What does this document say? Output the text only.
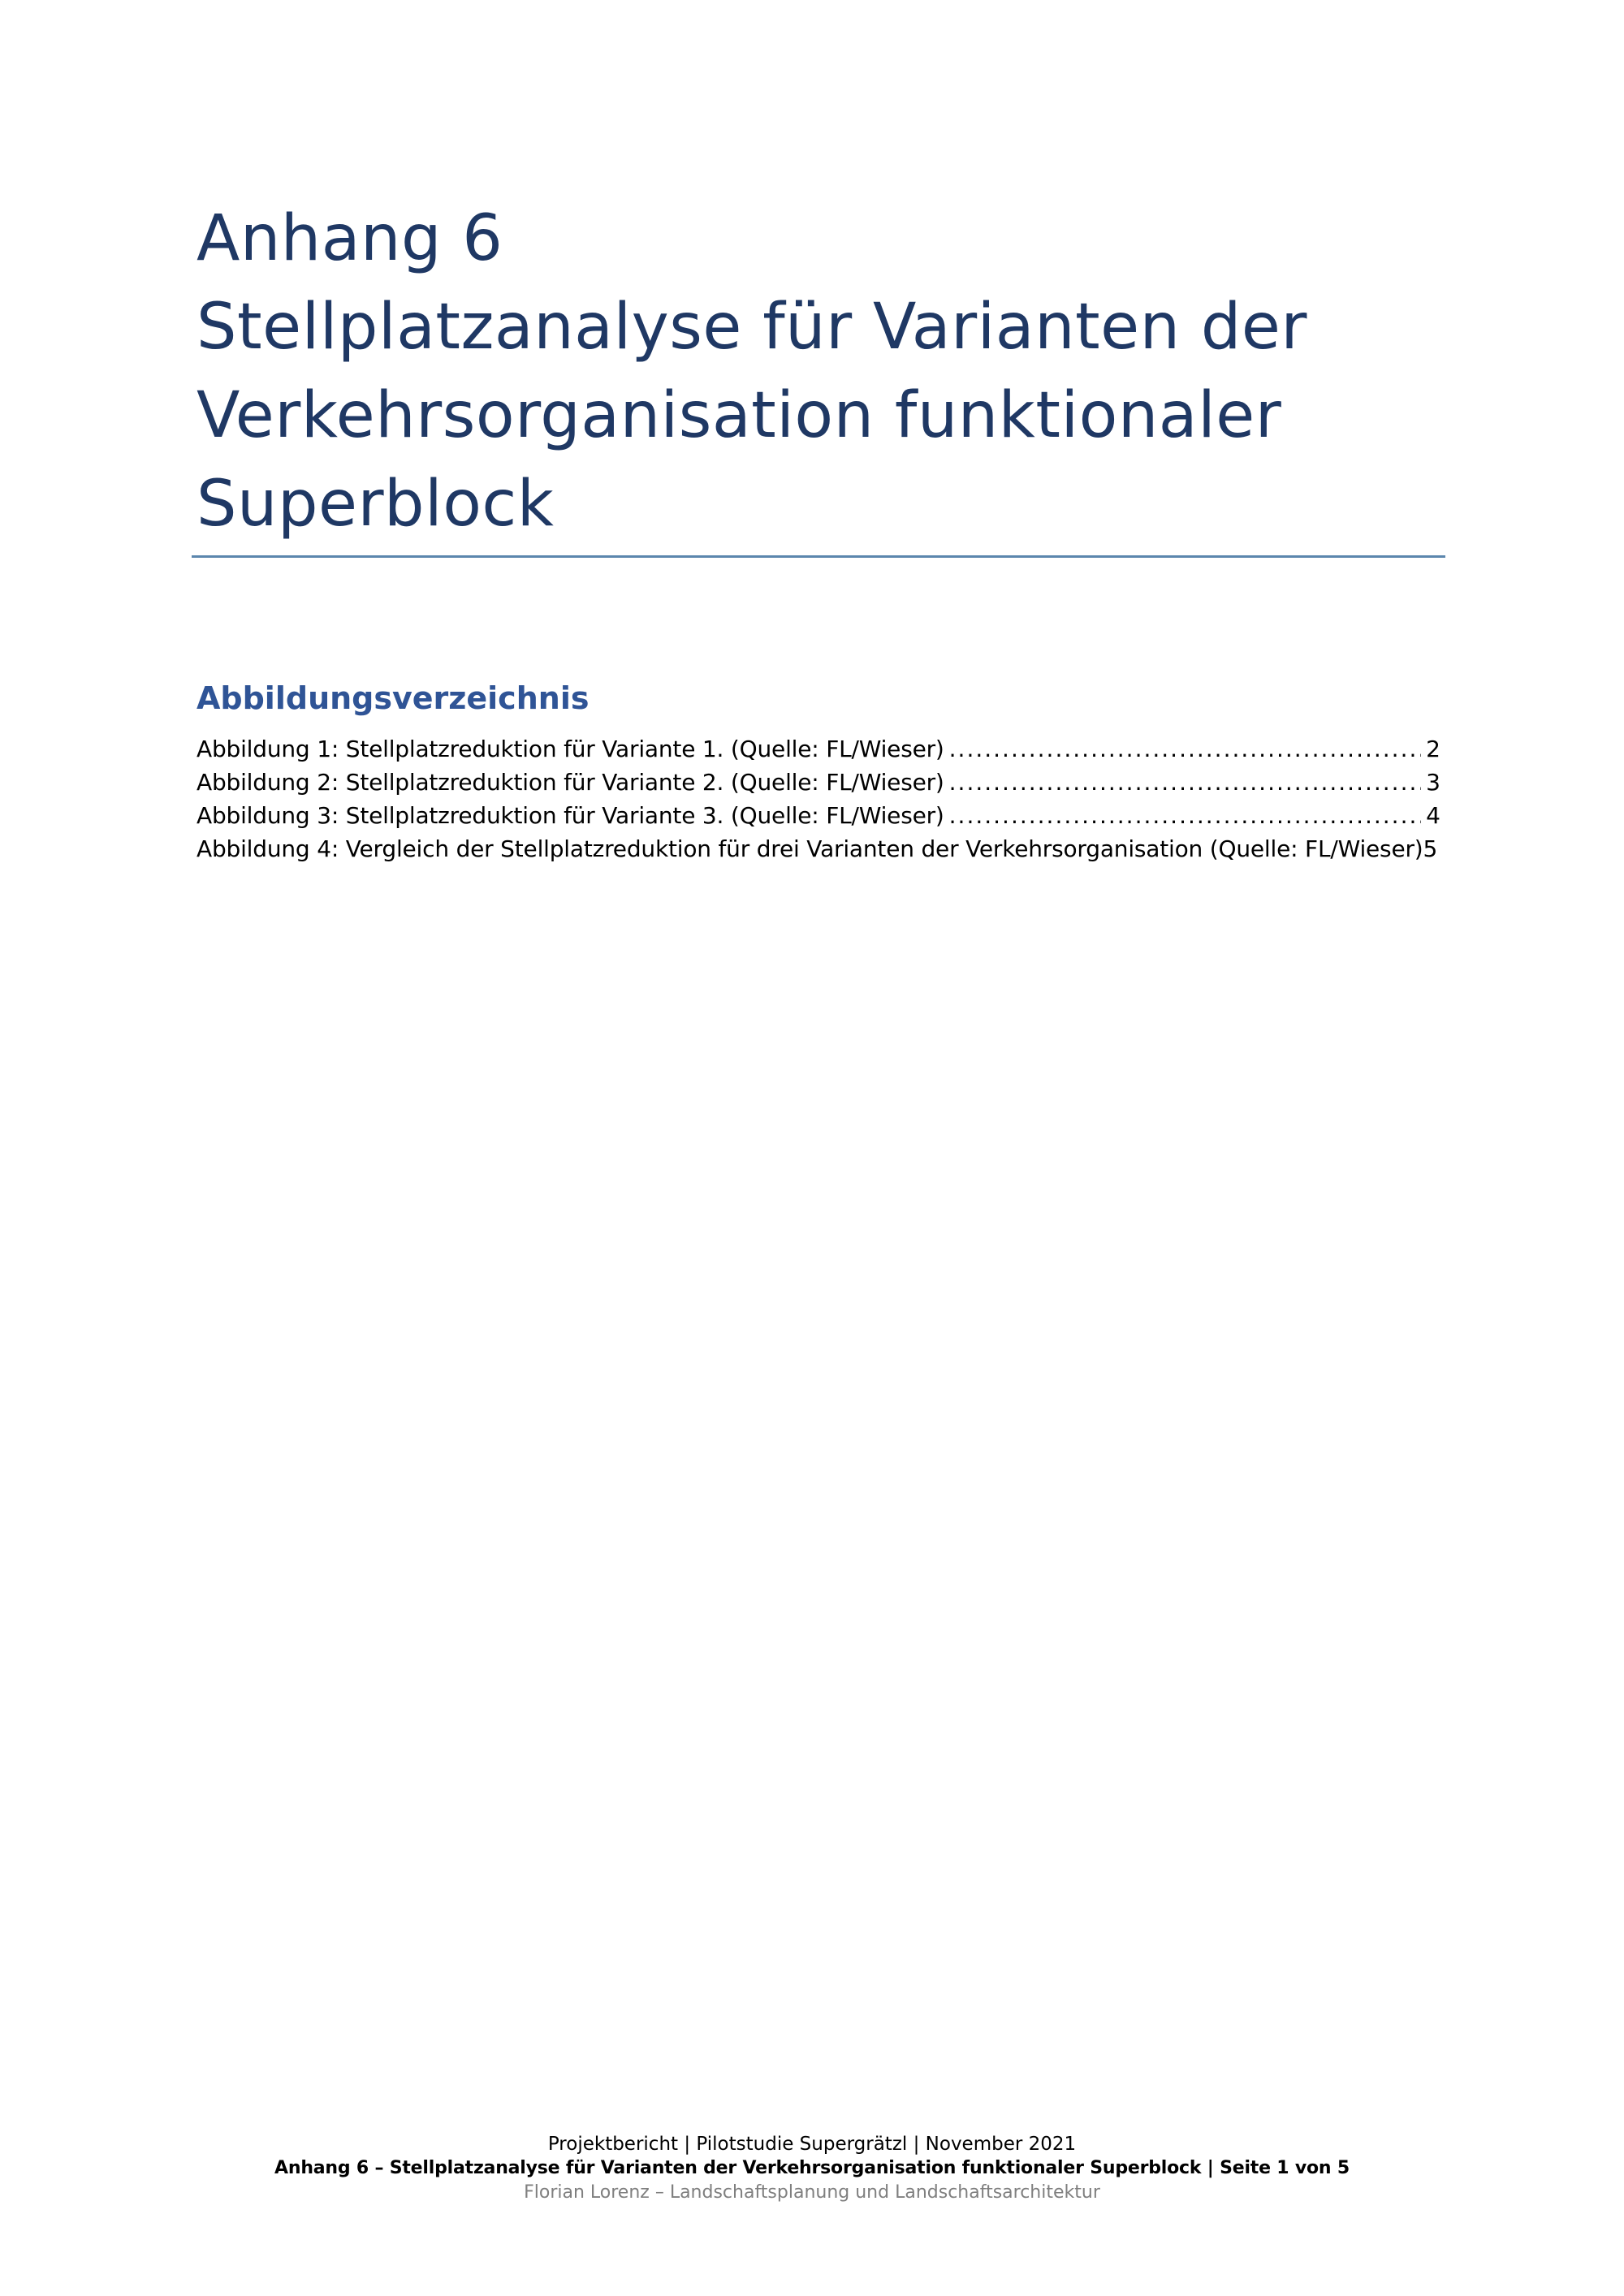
Anhang 6
Stellplatzanalyse für Varianten der
Verkehrsorganisation funktionaler
Superblock
Abbildungsverzeichnis
Abbildung 1: Stellplatzreduktion für Variante 1. (Quelle: FL/Wieser) .....	2
Abbildung 2: Stellplatzreduktion für Variante 2. (Quelle: FL/Wieser) .....	3
Abbildung 3: Stellplatzreduktion für Variante 3. (Quelle: FL/Wieser) .....	4
Abbildung 4: Vergleich der Stellplatzreduktion für drei Varianten der Verkehrsorganisation (Quelle: FL/Wieser) 5
Projektbericht | Pilotstudie Supergrätzl | November 2021
Anhang 6 – Stellplatzanalyse für Varianten der Verkehrsorganisation funktionaler Superblock | Seite 1 von 5
Florian Lorenz – Landschaftsplanung und Landschaftsarchitektur
